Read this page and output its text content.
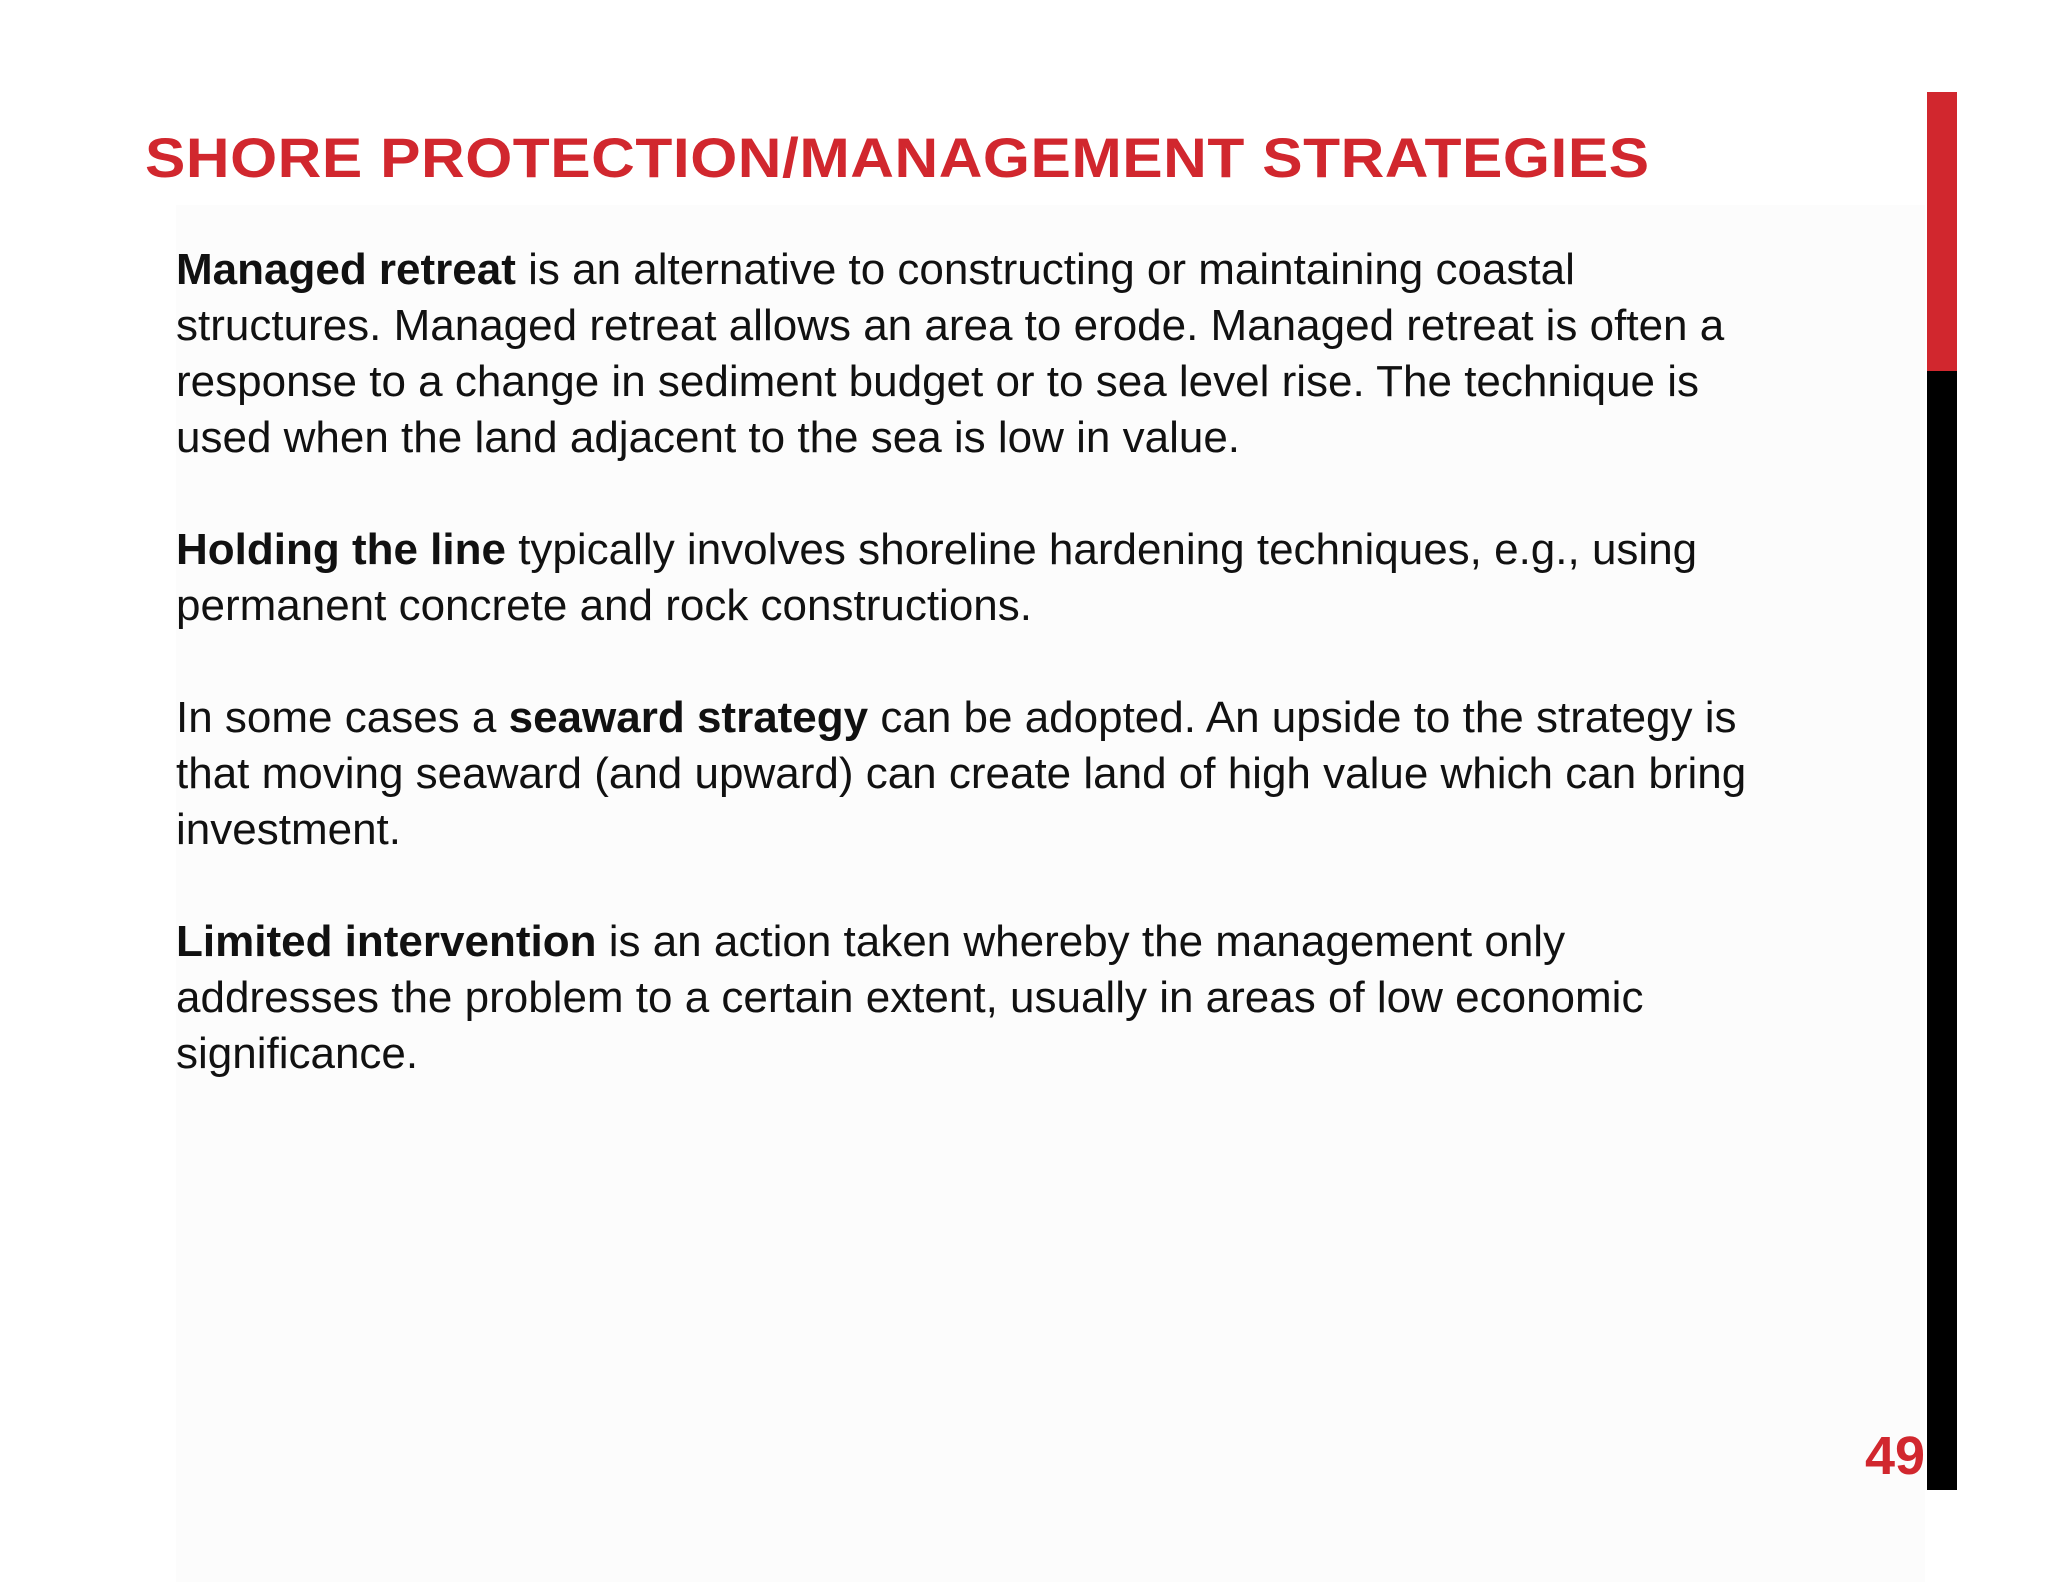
SHORE PROTECTION/MANAGEMENT STRATEGIES

Managed retreat is an alternative to constructing or maintaining coastal
structures. Managed retreat allows an area to erode. Managed retreat is often a
response to a change in sediment budget or to sea level rise. The technique is
used when the land adjacent to the sea is low in value.

Holding the line typically involves shoreline hardening techniques, e.g., using
permanent concrete and rock constructions.

In some cases a seaward strategy can be adopted. An upside to the strategy is
that moving seaward (and upward) can create land of high value which can bring
investment.

Limited intervention is an action taken whereby the management only
addresses the problem to a certain extent, usually in areas of low economic
significance.

49
